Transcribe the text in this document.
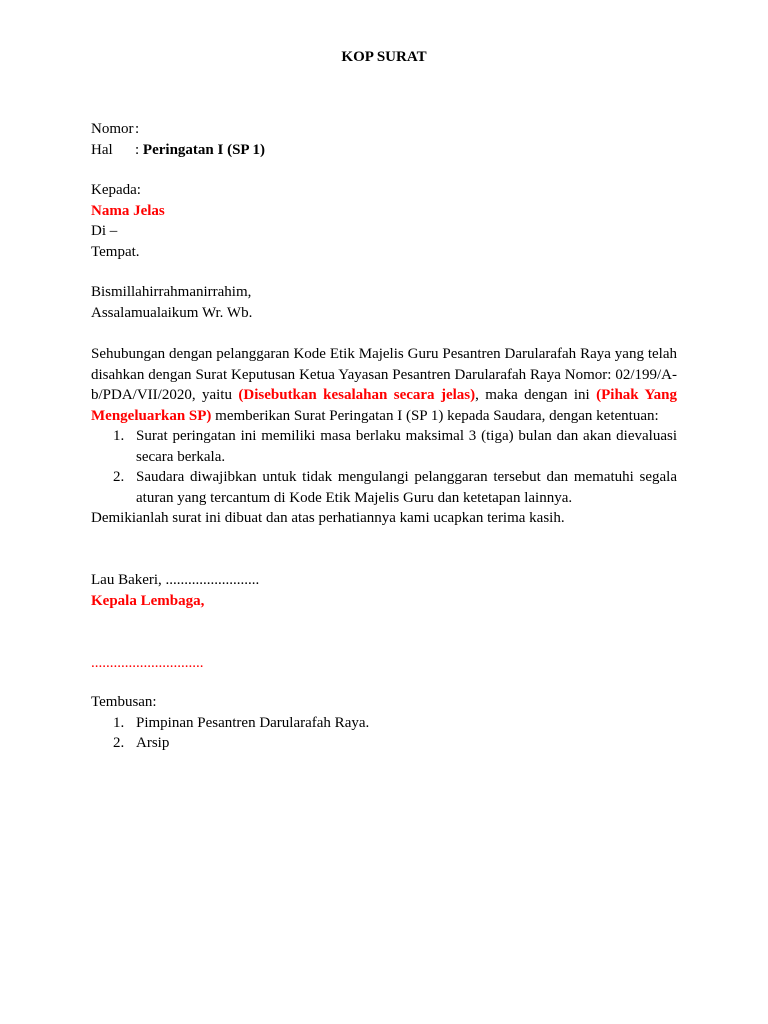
KOP SURAT
Nomor :
Hal	: Peringatan I (SP 1)
Kepada:
Nama Jelas
Di –
Tempat.
Bismillahirrahmanirrahim,
Assalamualaikum Wr. Wb.
Sehubungan dengan pelanggaran Kode Etik Majelis Guru Pesantren Darularafah Raya yang telah disahkan dengan Surat Keputusan Ketua Yayasan Pesantren Darularafah Raya Nomor: 02/199/A-b/PDA/VII/2020, yaitu (Disebutkan kesalahan secara jelas), maka dengan ini (Pihak Yang Mengeluarkan SP) memberikan Surat Peringatan I (SP 1) kepada Saudara, dengan ketentuan:
1. Surat peringatan ini memiliki masa berlaku maksimal 3 (tiga) bulan dan akan dievaluasi secara berkala.
2. Saudara diwajibkan untuk tidak mengulangi pelanggaran tersebut dan mematuhi segala aturan yang tercantum di Kode Etik Majelis Guru dan ketetapan lainnya.
Demikianlah surat ini dibuat dan atas perhatiannya kami ucapkan terima kasih.
Lau Bakeri, .........................
Kepala Lembaga,
..............................
Tembusan:
1. Pimpinan Pesantren Darularafah Raya.
2. Arsip
